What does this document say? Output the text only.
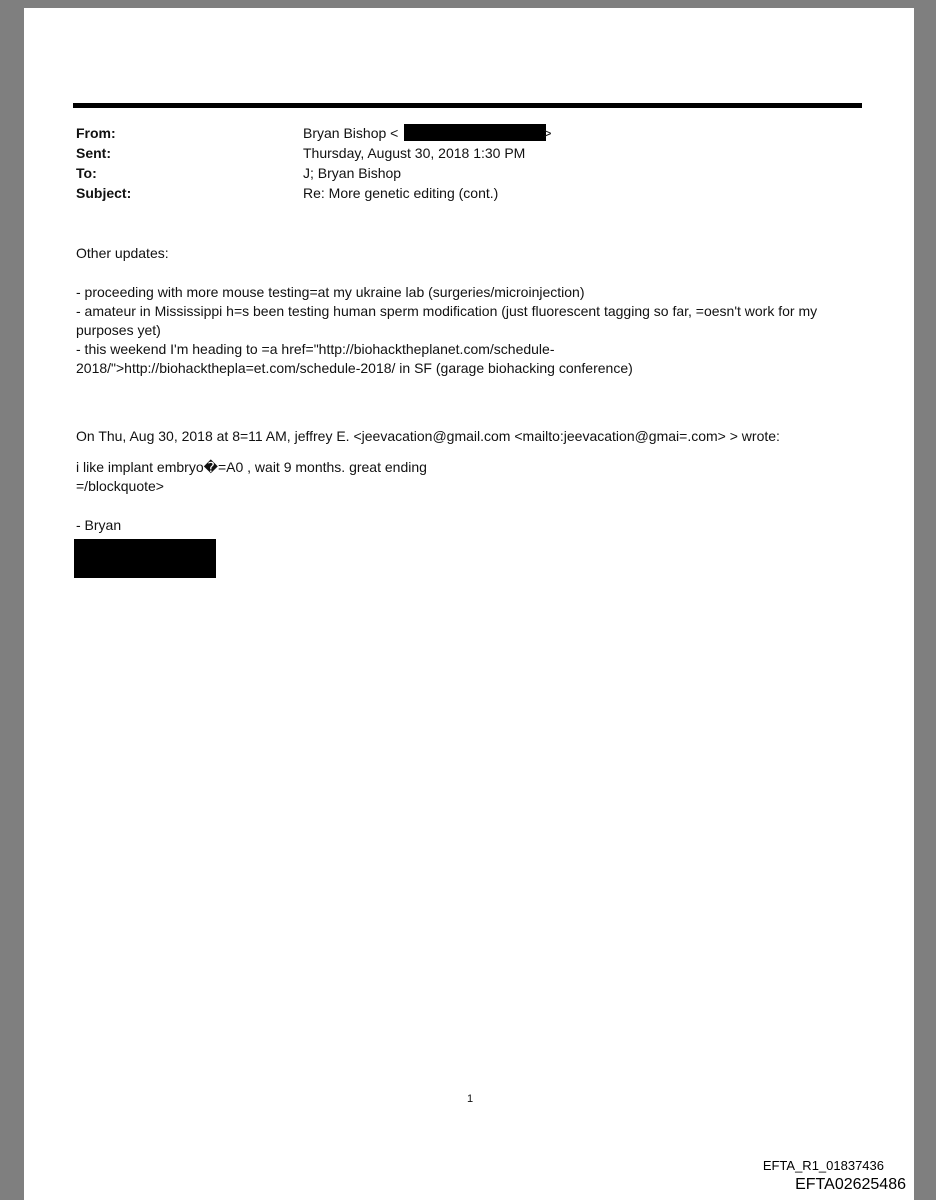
From:	Bryan Bishop <	>
Sent:	Thursday, August 30, 2018 1:30 PM
To:	J; Bryan Bishop
Subject:	Re: More genetic editing (cont.)
Other updates:
- proceeding with more mouse testing=at my ukraine lab (surgeries/microinjection)
- amateur in Mississippi h=s been testing human sperm modification (just fluorescent tagging so far, =oesn't work for my
purposes yet)
- this weekend I'm heading to =a href="http://biohacktheplanet.com/schedule-
2018/">http://biohackthepla=et.com/schedule-2018/ in SF (garage biohacking conference)
On Thu, Aug 30, 2018 at 8=11 AM, jeffrey E. <jeevacation@gmail.com <mailto:jeevacation@gmai=.com> > wrote:
i like implant embryo�=A0 , wait 9 months. great ending
=/blockquote>
- Bryan
1
EFTA_R1_01837436
EFTA02625486
